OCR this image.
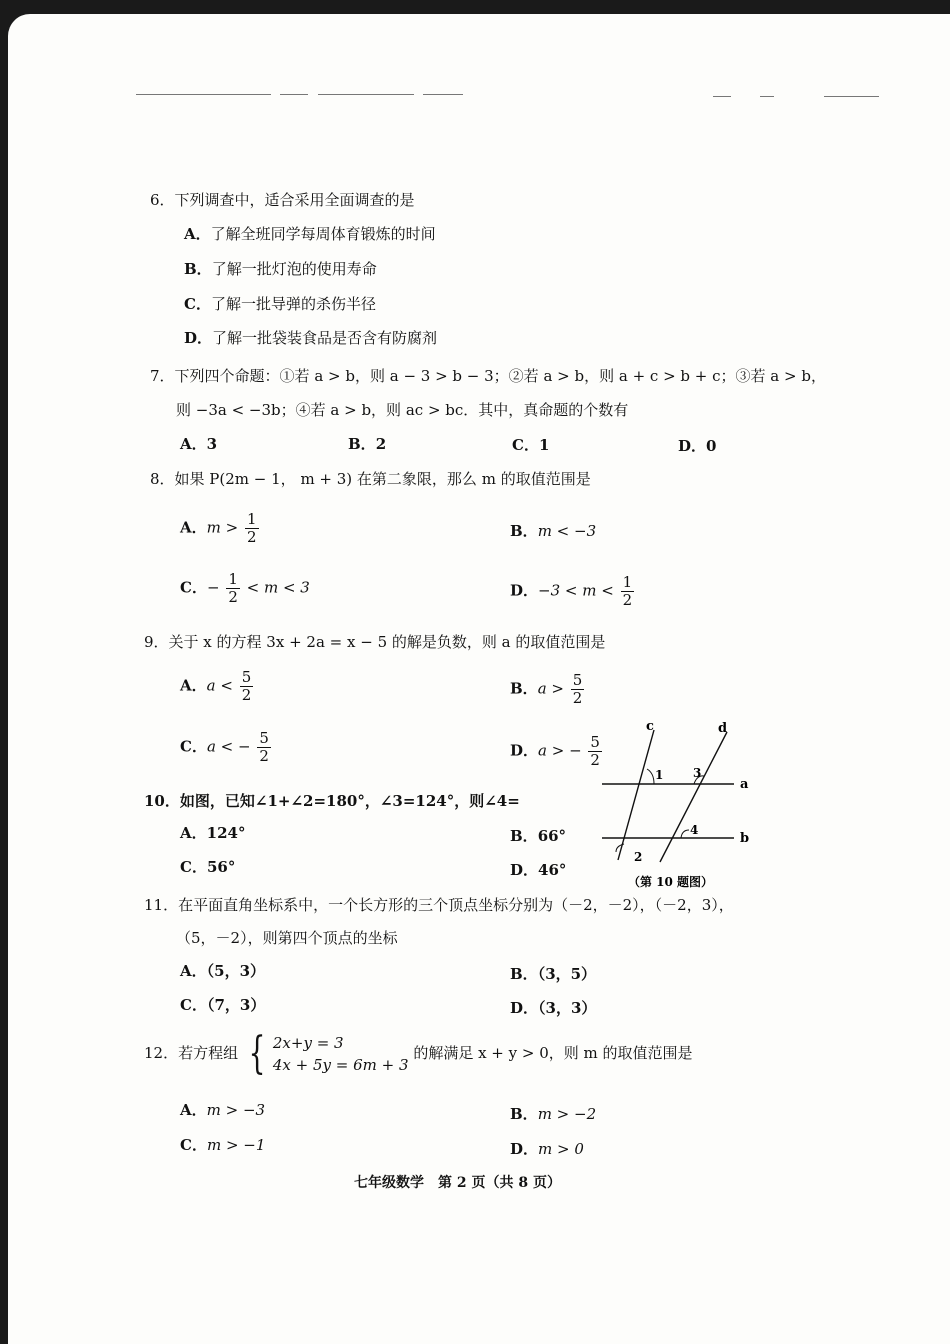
6．下列调查中，适合采用全面调查的是
A．了解全班同学每周体育锻炼的时间
B．了解一批灯泡的使用寿命
C．了解一批导弹的杀伤半径
D．了解一批袋装食品是否含有防腐剂
7．下列四个命题：①若 a > b，则 a − 3 > b − 3；②若 a > b，则 a + c > b + c；③若 a > b，
则 −3a < −3b；④若 a > b，则 ac > bc．其中，真命题的个数有
A．3	B．2	C．1	D．0
8．如果 P(2m − 1， m + 3) 在第二象限，那么 m 的取值范围是
A．$m > \frac{1}{2}$	B．m < −3
C．− $\frac{1}{2} < m < 3$	D．$-3 < m < \frac{1}{2}$
9．关于 x 的方程 3x + 2a = x − 5 的解是负数，则 a 的取值范围是
A．$a < \frac{5}{2}$	B．$a > \frac{5}{2}$
C．a < − $\frac{5}{2}$	D．a > − $\frac{5}{2}$
c	d
a
b
1 3
4
2
（第 10 题图）
10．如图，已知∠1+∠2=180°，∠3=124°，则∠4=
A．124°	B．66°
C．56°	D．46°
11．在平面直角坐标系中，一个长方形的三个顶点坐标分别为（－2，－2），（－2，3），
（5，－2），则第四个顶点的坐标
A．（5，3）	B．（3，5）
C．（7，3）	D．（3，3）
12．若方程组 { 2x+y = 3
4x + 5y = 6m + 3
的解满足 x + y > 0，则 m 的取值范围是
A．m > −3	B．m > −2
C．m > −1	D．m > 0
七年级数学　第 2 页（共 8 页）
